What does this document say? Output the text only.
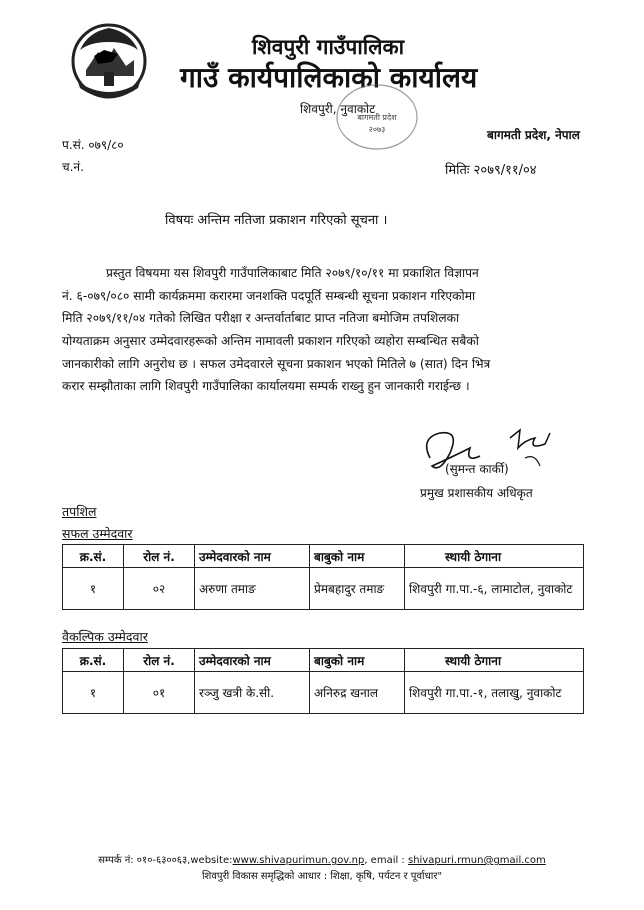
शिवपुरी गाउँपालिका
गाउँ कार्यपालिकाको कार्यालय
शिवपुरी, नुवाकोट
बागमती प्रदेश
२०७३	बागमती प्रदेश, नेपाल
प.सं. ०७९/८०
च.नं.	मितिः २०७९/११/०४
विषयः अन्तिम नतिजा प्रकाशन गरिएको सूचना ।
प्रस्तुत विषयमा यस शिवपुरी गाउँपालिकाबाट मिति २०७९/१०/११ मा प्रकाशित विज्ञापन
नं. ६-०७९/०८० सामी कार्यक्रममा करारमा जनशक्ति पदपूर्ति सम्बन्धी सूचना प्रकाशन गरिएकोमा
मिति २०७९/११/०४ गतेको लिखित परीक्षा र अन्तर्वार्ताबाट प्राप्त नतिजा बमोजिम तपशिलका
योग्यताक्रम अनुसार उम्मेदवारहरूको अन्तिम नामावली प्रकाशन गरिएको व्यहोरा सम्बन्धित सबैको
जानकारीको लागि अनुरोध छ । सफल उमेदवारले सूचना प्रकाशन भएको मितिले ७ (सात) दिन भित्र
करार सम्झौताका लागि शिवपुरी गाउँपालिका कार्यालयमा सम्पर्क राख्नु हुन जानकारी गराईन्छ ।
(सुमन्त कार्की)
प्रमुख प्रशासकीय अधिकृत
तपशिल
सफल उम्मेदवार
क्र.सं.	रोल नं.	उम्मेदवारको नाम	बाबुको नाम	स्थायी ठेगाना
१	०२	अरुणा तमाङ	प्रेमबहादुर तमाङ	शिवपुरी गा.पा.-६, लामाटोल, नुवाकोट
वैकल्पिक उम्मेदवार
क्र.सं.	रोल नं.	उम्मेदवारको नाम	बाबुको नाम	स्थायी ठेगाना
१	०१	रञ्जु खत्री के.सी.	अनिरुद्र खनाल	शिवपुरी गा.पा.-१, तलाखु, नुवाकोट
सम्पर्क नं: ०१०-६३००६३,website:www.shivapurimun.gov.np, email : shivapuri.rmun@gmail.com
शिवपुरी विकास समृद्धिको आधार : शिक्षा, कृषि, पर्यटन र पूर्वाधार"
